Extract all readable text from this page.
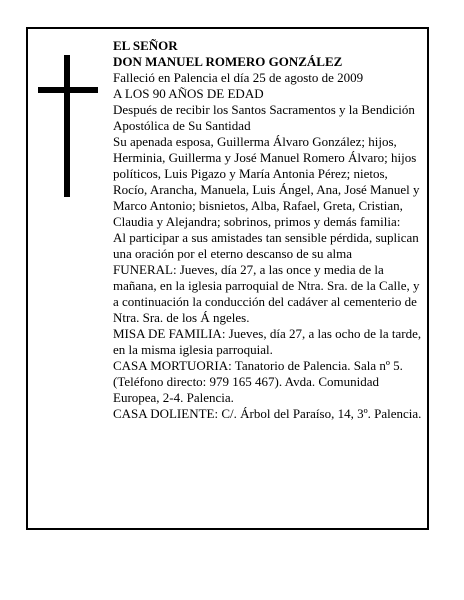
EL SEÑOR

DON MANUEL ROMERO GONZÁLEZ

Falleció en Palencia el día 25 de agosto de 2009

A LOS 90 AÑOS DE EDAD

Después de recibir los Santos Sacramentos y la Bendición Apostólica de Su Santidad

Su apenada esposa, Guillerma Álvaro González; hijos, Herminia, Guillerma y José Manuel Romero Álvaro; hijos políticos, Luis Pigazo y María Antonia Pérez; nietos, Rocío, Arancha, Manuela, Luis Ángel, Ana, José Manuel y Marco Antonio; bisnietos, Alba, Rafael, Greta, Cristian, Claudia y Alejandra; sobrinos, primos y demás familia:

Al participar a sus amistades tan sensible pérdida, suplican una oración por el eterno descanso de su alma

FUNERAL: Jueves, día 27, a las once y media de la mañana, en la iglesia parroquial de Ntra. Sra. de la Calle, y a continuación la conducción del cadáver al cementerio de Ntra. Sra. de los Á ngeles.

MISA DE FAMILIA: Jueves, día 27, a las ocho de la tarde, en la misma iglesia parroquial.

CASA MORTUORIA: Tanatorio de Palencia. Sala nº 5. (Teléfono directo: 979 165 467). Avda. Comunidad Europea, 2-4. Palencia.

CASA DOLIENTE: C/. Árbol del Paraíso, 14, 3º. Palencia.
